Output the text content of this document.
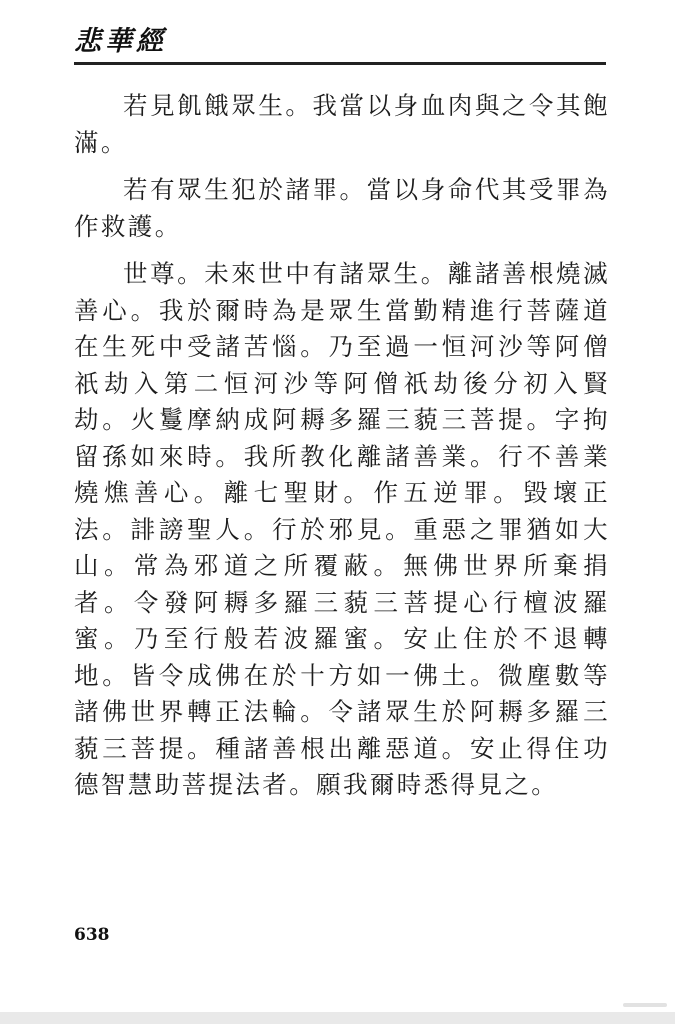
悲華經

若見飢餓眾生。我當以身血肉與之令其飽滿。

若有眾生犯於諸罪。當以身命代其受罪為作救護。

世尊。未來世中有諸眾生。離諸善根燒滅善心。我於爾時為是眾生當勤精進行菩薩道在生死中受諸苦惱。乃至過一恒河沙等阿僧祇劫入第二恒河沙等阿僧祇劫後分初入賢劫。火鬘摩納成阿耨多羅三藐三菩提。字拘留孫如來時。我所教化離諸善業。行不善業燒燋善心。離七聖財。作五逆罪。毀壞正法。誹謗聖人。行於邪見。重惡之罪猶如大山。常為邪道之所覆蔽。無佛世界所棄捐者。令發阿耨多羅三藐三菩提心行檀波羅蜜。乃至行般若波羅蜜。安止住於不退轉地。皆令成佛在於十方如一佛土。微塵數等諸佛世界轉正法輪。令諸眾生於阿耨多羅三藐三菩提。種諸善根出離惡道。安止得住功德智慧助菩提法者。願我爾時悉得見之。

638
